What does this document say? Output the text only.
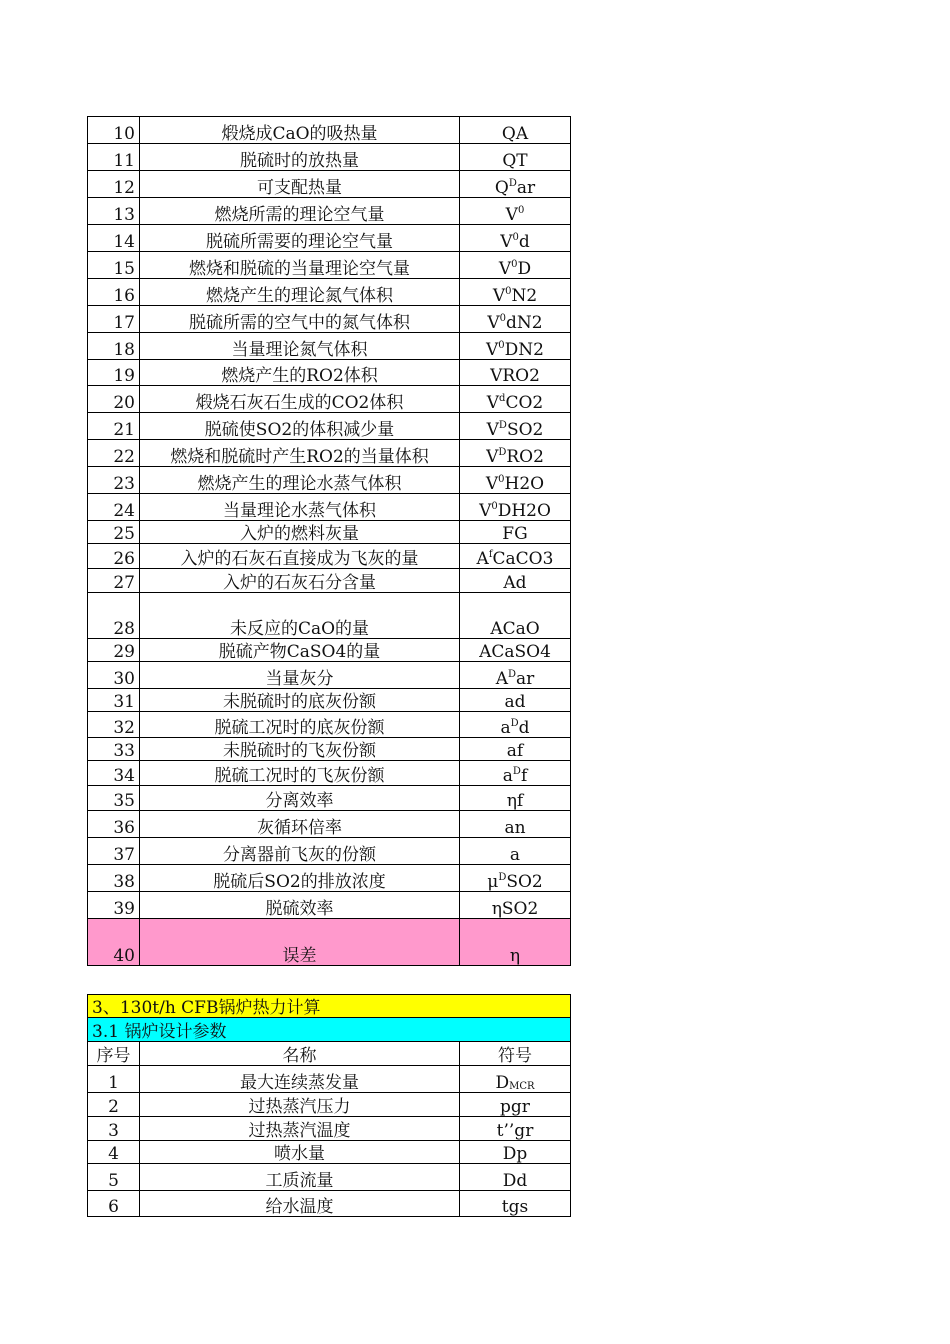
10	煅烧成CaO的吸热量	QA
11	脱硫时的放热量	QT
12	可支配热量	$Q^Dar$
13	燃烧所需的理论空气量	$V^0$
14	脱硫所需要的理论空气量	$V^0d$
15	燃烧和脱硫的当量理论空气量	$V^0D$
16	燃烧产生的理论氮气体积	$V^0N2$
17	脱硫所需的空气中的氮气体积	$V^0dN2$
18	当量理论氮气体积	$V^0DN2$
19	燃烧产生的RO2体积	VRO2
20	煅烧石灰石生成的CO2体积	$V^dCO2$
21	脱硫使SO2的体积减少量	$V^DSO2$
22	燃烧和脱硫时产生RO2的当量体积	$V^DRO2$
23	燃烧产生的理论水蒸气体积	$V^0H2O$
24	当量理论水蒸气体积	$V^0DH2O$
25	入炉的燃料灰量	FG
26	入炉的石灰石直接成为飞灰的量	$A^fCaCO3$
27	入炉的石灰石分含量	Ad
28	未反应的CaO的量	ACaO
29	脱硫产物CaSO4的量	ACaSO4
30	当量灰分	$A^Dar$
31	未脱硫时的底灰份额	ad
32	脱硫工况时的底灰份额	$a^Dd$
33	未脱硫时的飞灰份额	af
34	脱硫工况时的飞灰份额	$a^Df$
35	分离效率	ηf
36	灰循环倍率	an
37	分离器前飞灰的份额	a
38	脱硫后SO2的排放浓度	$\mu^DSO2$
39	脱硫效率	ηSO2
40	误差	η
3、130t/h CFB锅炉热力计算		
3.1 锅炉设计参数		
序号	名称	符号
1	最大连续蒸发量	DMCR
2	过热蒸汽压力	pgr
3	过热蒸汽温度	t’’gr
4	喷水量	Dp
5	工质流量	Dd
6	给水温度	tgs
